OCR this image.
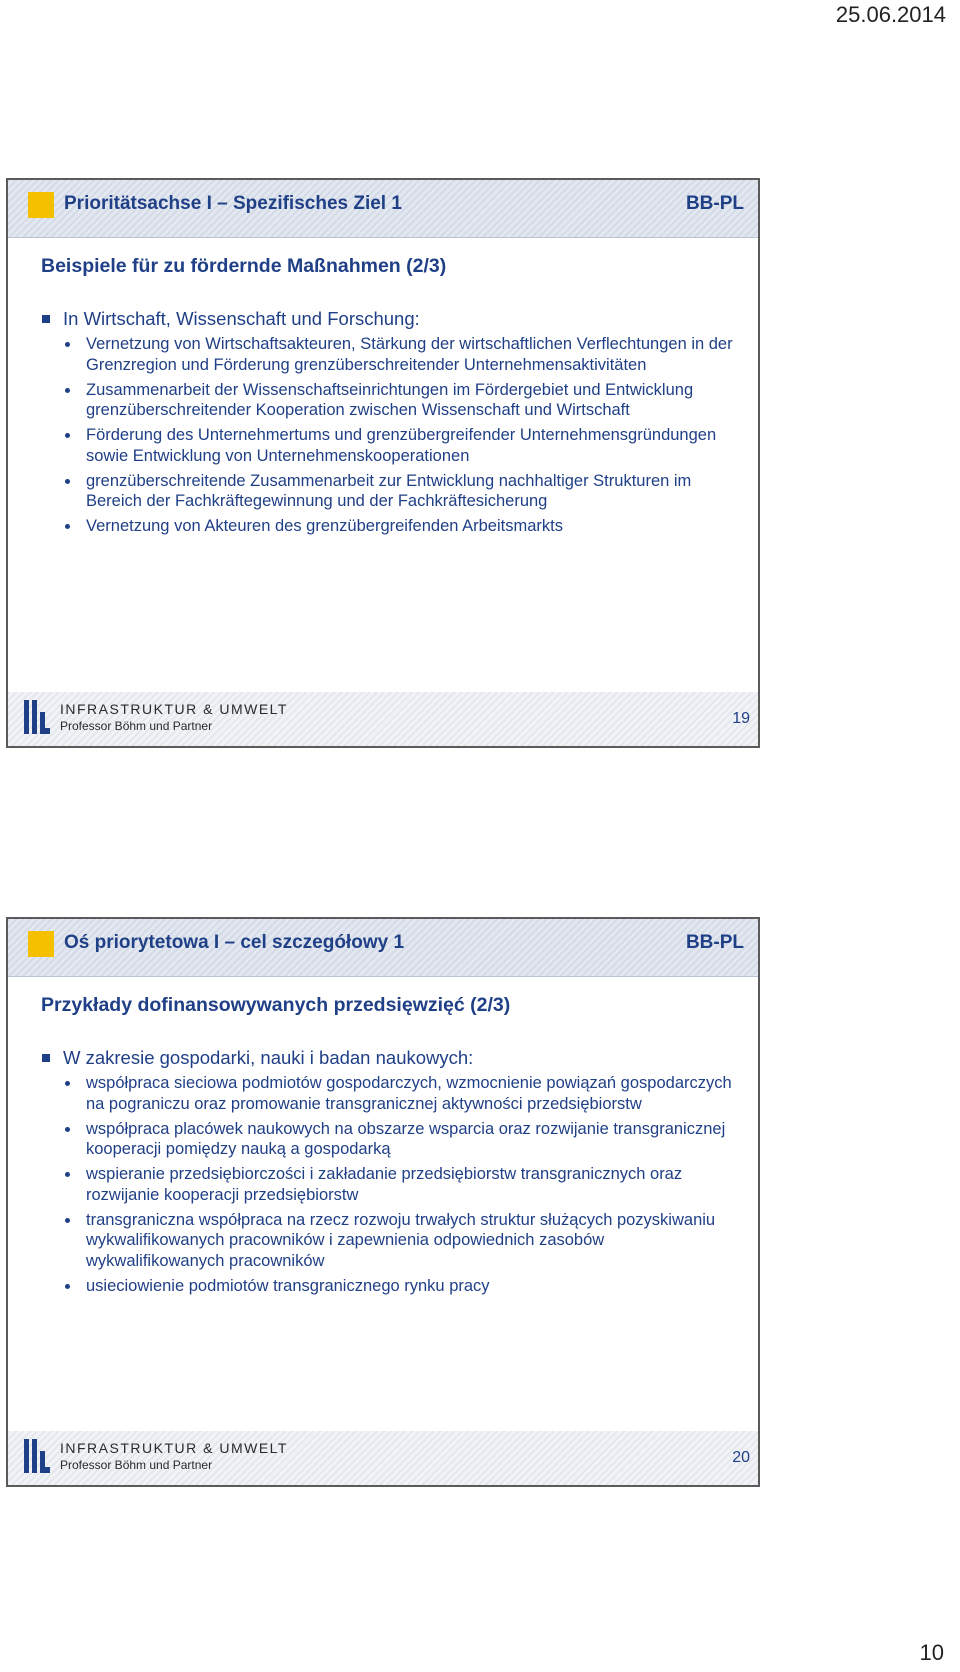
25.06.2014
Prioritätsachse I – Spezifisches Ziel 1	BB-PL
Beispiele für zu fördernde Maßnahmen (2/3)
In Wirtschaft, Wissenschaft und Forschung:
Vernetzung von Wirtschaftsakteuren, Stärkung der wirtschaftlichen Verflechtungen in der Grenzregion und Förderung grenzüberschreitender Unternehmensaktivitäten
Zusammenarbeit der Wissenschaftseinrichtungen im Fördergebiet und Entwicklung grenzüberschreitender Kooperation zwischen Wissenschaft und Wirtschaft
Förderung des Unternehmertums und grenzübergreifender Unternehmensgründungen sowie Entwicklung von Unternehmenskooperationen
grenzüberschreitende Zusammenarbeit zur Entwicklung nachhaltiger Strukturen im Bereich der Fachkräftegewinnung und der Fachkräftesicherung
Vernetzung von Akteuren des grenzübergreifenden Arbeitsmarkts
INFRASTRUKTUR & UMWELT
Professor Böhm und Partner	19
Oś priorytetowa I – cel szczegółowy 1	BB-PL
Przykłady dofinansowywanych przedsięwzięć (2/3)
W zakresie gospodarki, nauki i badan naukowych:
współpraca sieciowa podmiotów gospodarczych, wzmocnienie powiązań gospodarczych na pograniczu oraz promowanie transgranicznej aktywności przedsiębiorstw
współpraca placówek naukowych na obszarze wsparcia oraz rozwijanie transgranicznej kooperacji pomiędzy nauką a gospodarką
wspieranie przedsiębiorczości i zakładanie przedsiębiorstw transgranicznych oraz rozwijanie kooperacji przedsiębiorstw
transgraniczna współpraca na rzecz rozwoju trwałych struktur służących pozyskiwaniu wykwalifikowanych pracowników i zapewnienia odpowiednich zasobów wykwalifikowanych pracowników
usieciowienie podmiotów transgranicznego rynku pracy
INFRASTRUKTUR & UMWELT
Professor Böhm und Partner	20
10
